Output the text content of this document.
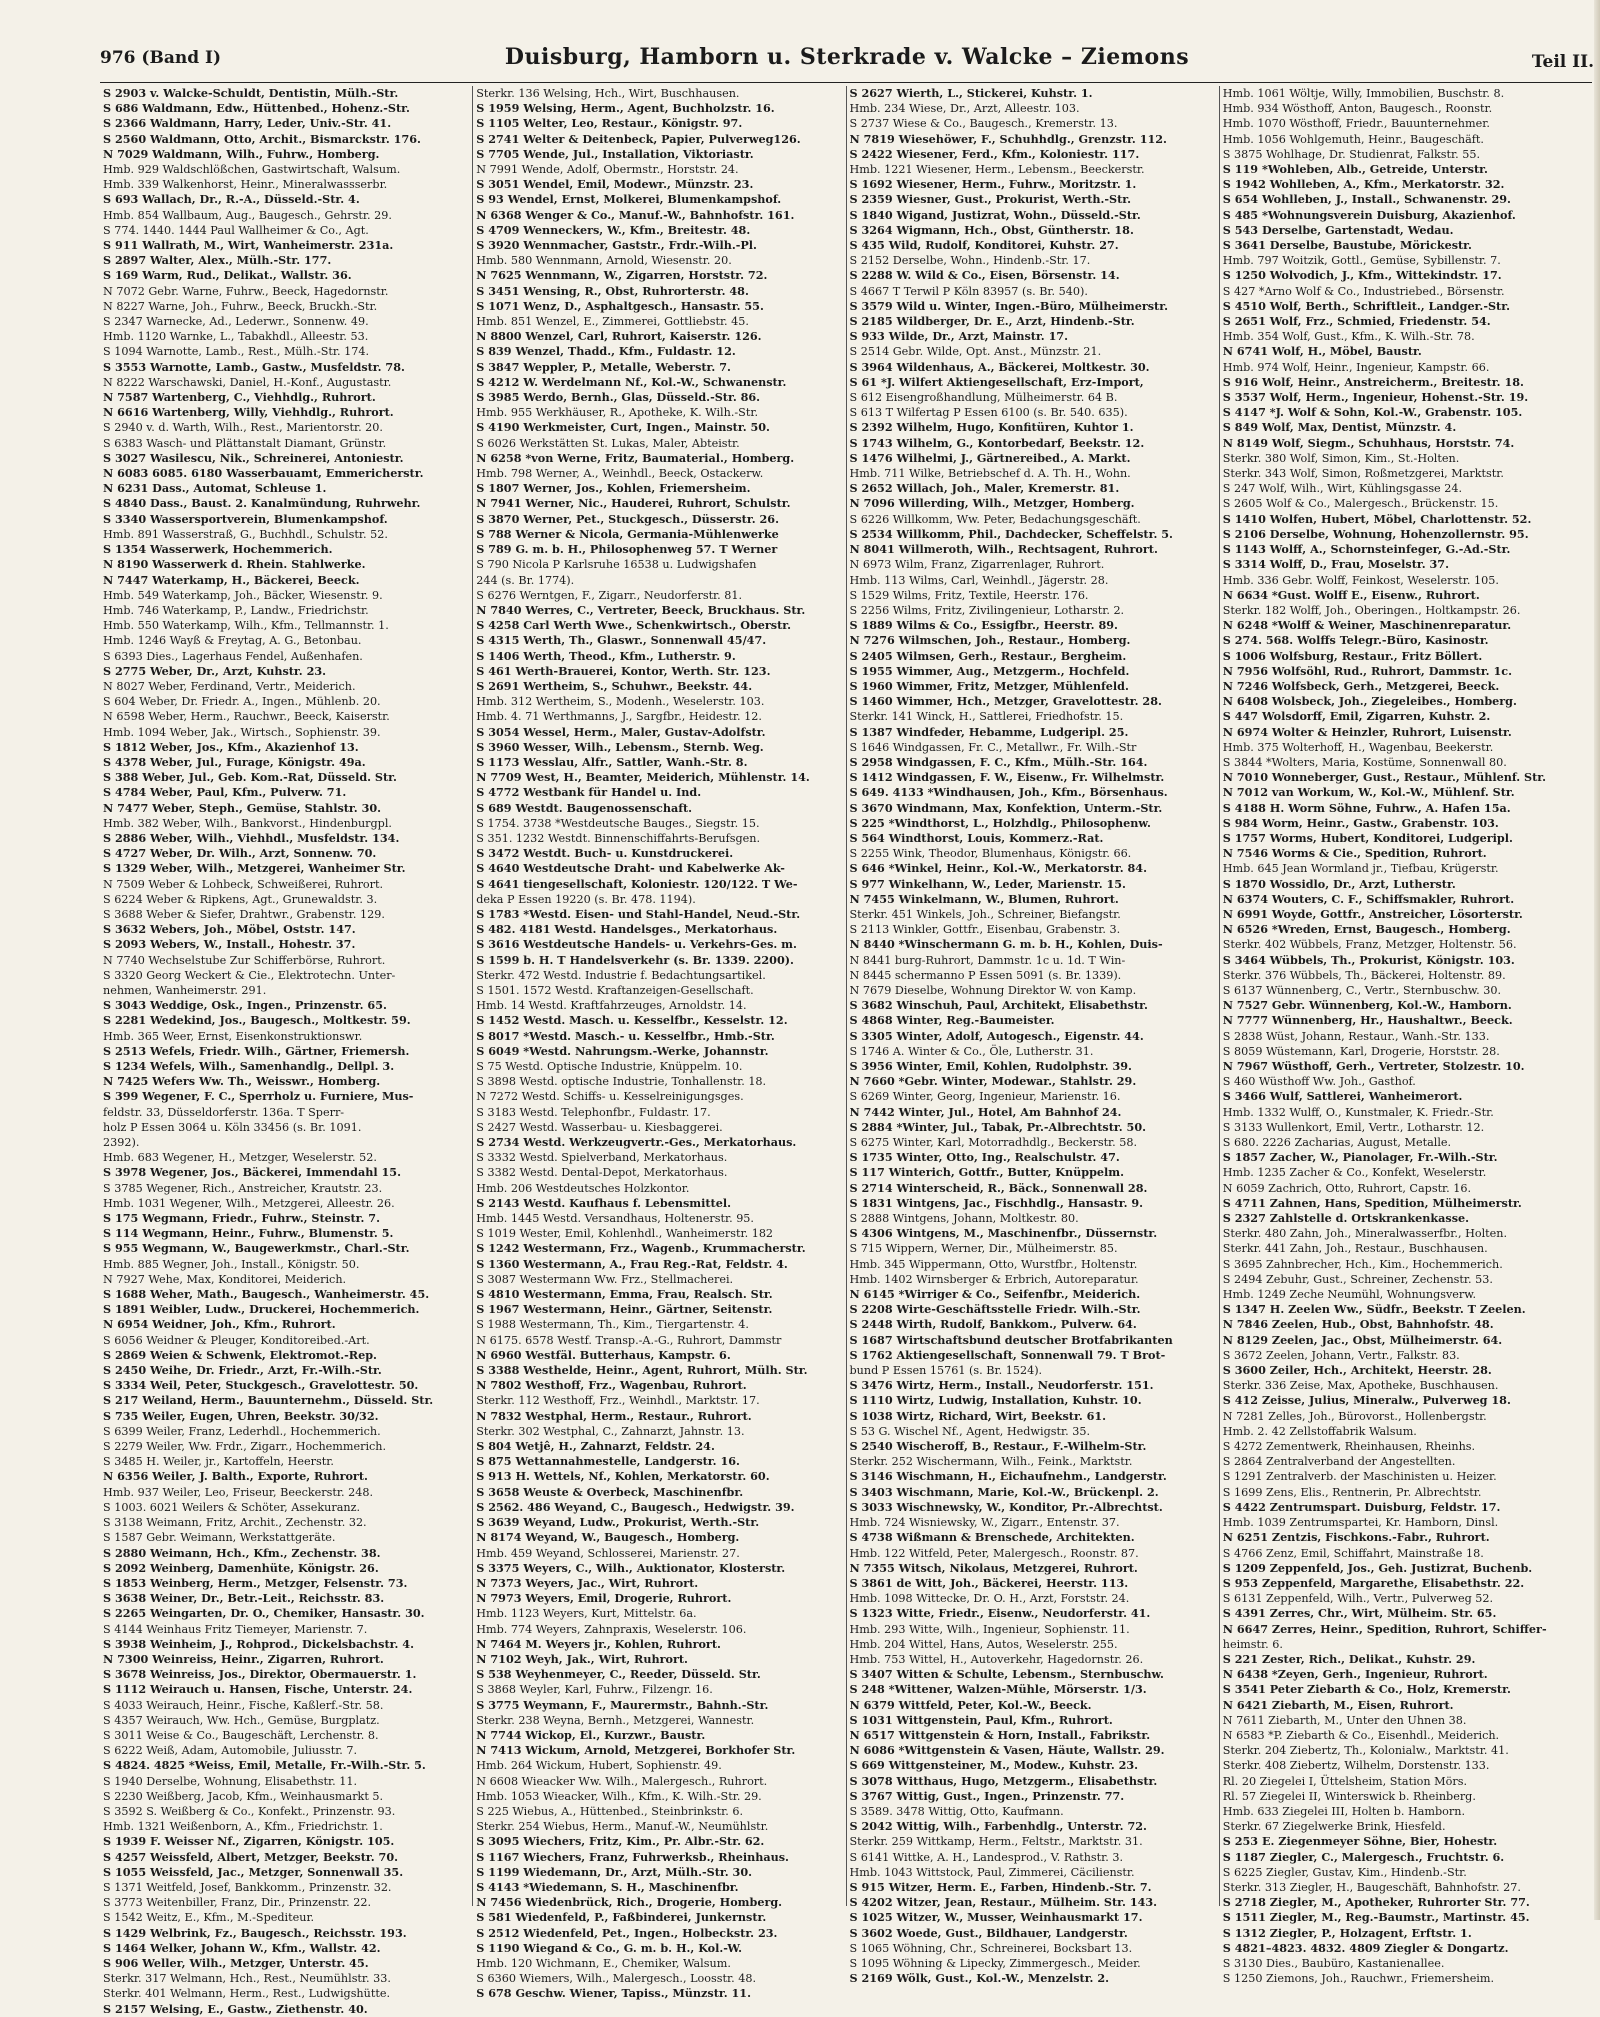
976 (Band I)	Duisburg, Hamborn u. Sterkrade v. Walcke – Ziemons	Teil II.
S 2903 v. Walcke-Schuldt, Dentistin, Mülh.-Str.
S 686 Waldmann, Edw., Hüttenbed., Hohenz.-Str.
S 2366 Waldmann, Harry, Leder, Univ.-Str. 41.
S 2560 Waldmann, Otto, Archit., Bismarckstr. 176.
N 7029 Waldmann, Wilh., Fuhrw., Homberg.
Hmb. 929 Waldschlößchen, Gastwirtschaft, Walsum.
Hmb. 339 Walkenhorst, Heinr., Mineralwassserbr.
S 693 Wallach, Dr., R.-A., Düsseld.-Str. 4.
Hmb. 854 Wallbaum, Aug., Baugesch., Gehrstr. 29.
S 774. 1440. 1444 Paul Wallheimer & Co., Agt.
S 911 Wallrath, M., Wirt, Wanheimerstr. 231a.
S 2897 Walter, Alex., Mülh.-Str. 177.
S 169 Warm, Rud., Delikat., Wallstr. 36.
N 7072 Gebr. Warne, Fuhrw., Beeck, Hagedornstr.
N 8227 Warne, Joh., Fuhrw., Beeck, Bruckh.-Str.
S 2347 Warnecke, Ad., Lederwr., Sonnenw. 49.
Hmb. 1120 Warnke, L., Tabakhdl., Alleestr. 53.
S 1094 Warnotte, Lamb., Rest., Mülh.-Str. 174.
S 3553 Warnotte, Lamb., Gastw., Musfeldstr. 78.
N 8222 Warschawski, Daniel, H.-Konf., Augustastr.
N 7587 Wartenberg, C., Viehhdlg., Ruhrort.
N 6616 Wartenberg, Willy, Viehhdlg., Ruhrort.
S 2940 v. d. Warth, Wilh., Rest., Marientorstr. 20.
S 6383 Wasch- und Plättanstalt Diamant, Grünstr.
S 3027 Wasilescu, Nik., Schreinerei, Antoniestr.
N 6083 6085. 6180 Wasserbauamt, Emmericherstr.
N 6231 Dass., Automat, Schleuse 1.
S 4840 Dass., Baust. 2. Kanalmündung, Ruhrwehr.
S 3340 Wassersportverein, Blumenkampshof.
Hmb. 891 Wasserstraß, G., Buchhdl., Schulstr. 52.
S 1354 Wasserwerk, Hochemmerich.
N 8190 Wasserwerk d. Rhein. Stahlwerke.
N 7447 Waterkamp, H., Bäckerei, Beeck.
Hmb. 549 Waterkamp, Joh., Bäcker, Wiesenstr. 9.
Hmb. 746 Waterkamp, P., Landw., Friedrichstr.
Hmb. 550 Waterkamp, Wilh., Kfm., Tellmannstr. 1.
Hmb. 1246 Wayß & Freytag, A. G., Betonbau.
S 6393 Dies., Lagerhaus Fendel, Außenhafen.
S 2775 Weber, Dr., Arzt, Kuhstr. 23.
N 8027 Weber, Ferdinand, Vertr., Meiderich.
S 604 Weber, Dr. Friedr. A., Ingen., Mühlenb. 20.
N 6598 Weber, Herm., Rauchwr., Beeck, Kaiserstr.
Hmb. 1094 Weber, Jak., Wirtsch., Sophienstr. 39.
S 1812 Weber, Jos., Kfm., Akazienhof 13.
S 4378 Weber, Jul., Furage, Königstr. 49a.
S 388 Weber, Jul., Geb. Kom.-Rat, Düsseld. Str.
S 4784 Weber, Paul, Kfm., Pulverw. 71.
N 7477 Weber, Steph., Gemüse, Stahlstr. 30.
Hmb. 382 Weber, Wilh., Bankvorst., Hindenburgpl.
S 2886 Weber, Wilh., Viehhdl., Musfeldstr. 134.
S 4727 Weber, Dr. Wilh., Arzt, Sonnenw. 70.
S 1329 Weber, Wilh., Metzgerei, Wanheimer Str.
N 7509 Weber & Lohbeck, Schweißerei, Ruhrort.
S 6224 Weber & Ripkens, Agt., Grunewaldstr. 3.
S 3688 Weber & Siefer, Drahtwr., Grabenstr. 129.
S 3632 Webers, Joh., Möbel, Oststr. 147.
S 2093 Webers, W., Install., Hohestr. 37.
N 7740 Wechselstube Zur Schifferbörse, Ruhrort.
S 3320 Georg Weckert & Cie., Elektrotechn. Unter-
nehmen, Wanheimerstr. 291.
S 3043 Weddige, Osk., Ingen., Prinzenstr. 65.
S 2281 Wedekind, Jos., Baugesch., Moltkestr. 59.
Hmb. 365 Weer, Ernst, Eisenkonstruktionswr.
S 2513 Wefels, Friedr. Wilh., Gärtner, Friemersh.
S 1234 Wefels, Wilh., Samenhandlg., Dellpl. 3.
N 7425 Wefers Ww. Th., Weisswr., Homberg.
S 399 Wegener, F. C., Sperrholz u. Furniere, Mus-
feldstr. 33, Düsseldorferstr. 136a. T Sperr-
holz P Essen 3064 u. Köln 33456 (s. Br. 1091.
2392).
Hmb. 683 Wegener, H., Metzger, Weselerstr. 52.
S 3978 Wegener, Jos., Bäckerei, Immendahl 15.
S 3785 Wegener, Rich., Anstreicher, Krautstr. 23.
Hmb. 1031 Wegener, Wilh., Metzgerei, Alleestr. 26.
S 175 Wegmann, Friedr., Fuhrw., Steinstr. 7.
S 114 Wegmann, Heinr., Fuhrw., Blumenstr. 5.
S 955 Wegmann, W., Baugewerkmstr., Charl.-Str.
Hmb. 885 Wegner, Joh., Install., Königstr. 50.
N 7927 Wehe, Max, Konditorei, Meiderich.
S 1688 Weher, Math., Baugesch., Wanheimerstr. 45.
S 1891 Weibler, Ludw., Druckerei, Hochemmerich.
N 6954 Weidner, Joh., Kfm., Ruhrort.
S 6056 Weidner & Pleuger, Konditoreibed.-Art.
S 2869 Weien & Schwenk, Elektromot.-Rep.
S 2450 Weihe, Dr. Friedr., Arzt, Fr.-Wilh.-Str.
S 3334 Weil, Peter, Stuckgesch., Gravelottestr. 50.
S 217 Weiland, Herm., Bauunternehm., Düsseld. Str.
S 735 Weiler, Eugen, Uhren, Beekstr. 30/32.
S 6399 Weiler, Franz, Lederhdl., Hochemmerich.
S 2279 Weiler, Ww. Frdr., Zigarr., Hochemmerich.
S 3485 H. Weiler, jr., Kartoffeln, Heerstr.
N 6356 Weiler, J. Balth., Exporte, Ruhrort.
Hmb. 937 Weiler, Leo, Friseur, Beeckerstr. 248.
S 1003. 6021 Weilers & Schöter, Assekuranz.
S 3138 Weimann, Fritz, Archit., Zechenstr. 32.
S 1587 Gebr. Weimann, Werkstattgeräte.
S 2880 Weimann, Hch., Kfm., Zechenstr. 38.
S 2092 Weinberg, Damenhüte, Königstr. 26.
S 1853 Weinberg, Herm., Metzger, Felsenstr. 73.
S 3638 Weiner, Dr., Betr.-Leit., Reichsstr. 83.
S 2265 Weingarten, Dr. O., Chemiker, Hansastr. 30.
S 4144 Weinhaus Fritz Tiemeyer, Marienstr. 7.
S 3938 Weinheim, J., Rohprod., Dickelsbachstr. 4.
N 7300 Weinreiss, Heinr., Zigarren, Ruhrort.
S 3678 Weinreiss, Jos., Direktor, Obermauerstr. 1.
S 1112 Weirauch u. Hansen, Fische, Unterstr. 24.
S 4033 Weirauch, Heinr., Fische, Kaßlerf.-Str. 58.
S 4357 Weirauch, Ww. Hch., Gemüse, Burgplatz.
S 3011 Weise & Co., Baugeschäft, Lerchenstr. 8.
S 6222 Weiß, Adam, Automobile, Juliusstr. 7.
S 4824. 4825 *Weiss, Emil, Metalle, Fr.-Wilh.-Str. 5.
S 1940 Derselbe, Wohnung, Elisabethstr. 11.
S 2230 Weißberg, Jacob, Kfm., Weinhausmarkt 5.
S 3592 S. Weißberg & Co., Konfekt., Prinzenstr. 93.
Hmb. 1321 Weißenborn, A., Kfm., Friedrichstr. 1.
S 1939 F. Weisser Nf., Zigarren, Königstr. 105.
S 4257 Weissfeld, Albert, Metzger, Beekstr. 70.
S 1055 Weissfeld, Jac., Metzger, Sonnenwall 35.
S 1371 Weitfeld, Josef, Bankkomm., Prinzenstr. 32.
S 3773 Weitenbiller, Franz, Dir., Prinzenstr. 22.
S 1542 Weitz, E., Kfm., M.-Spediteur.
S 1429 Welbrink, Fz., Baugesch., Reichsstr. 193.
S 1464 Welker, Johann W., Kfm., Wallstr. 42.
S 906 Weller, Wilh., Metzger, Unterstr. 45.
Sterkr. 317 Welmann, Hch., Rest., Neumühlstr. 33.
Sterkr. 401 Welmann, Herm., Rest., Ludwigshütte.
S 2157 Welsing, E., Gastw., Ziethenstr. 40.
Sterkr. 136 Welsing, Hch., Wirt, Buschhausen.
S 1959 Welsing, Herm., Agent, Buchholzstr. 16.
S 1105 Welter, Leo, Restaur., Königstr. 97.
S 2741 Welter & Deitenbeck, Papier, Pulverweg126.
S 7705 Wende, Jul., Installation, Viktoriastr.
N 7991 Wende, Adolf, Obermstr., Horststr. 24.
S 3051 Wendel, Emil, Modewr., Münzstr. 23.
S 93 Wendel, Ernst, Molkerei, Blumenkampshof.
N 6368 Wenger & Co., Manuf.-W., Bahnhofstr. 161.
S 4709 Wenneckers, W., Kfm., Breitestr. 48.
S 3920 Wennmacher, Gaststr., Frdr.-Wilh.-Pl.
Hmb. 580 Wennmann, Arnold, Wiesenstr. 20.
N 7625 Wennmann, W., Zigarren, Horststr. 72.
S 3451 Wensing, R., Obst, Ruhrorterstr. 48.
S 1071 Wenz, D., Asphaltgesch., Hansastr. 55.
Hmb. 851 Wenzel, E., Zimmerei, Gottliebstr. 45.
N 8800 Wenzel, Carl, Ruhrort, Kaiserstr. 126.
S 839 Wenzel, Thadd., Kfm., Fuldastr. 12.
S 3847 Weppler, P., Metalle, Weberstr. 7.
S 4212 W. Werdelmann Nf., Kol.-W., Schwanenstr.
S 3985 Werdo, Bernh., Glas, Düsseld.-Str. 86.
Hmb. 955 Werkhäuser, R., Apotheke, K. Wilh.-Str.
S 4190 Werkmeister, Curt, Ingen., Mainstr. 50.
S 6026 Werkstätten St. Lukas, Maler, Abteistr.
N 6258 *von Werne, Fritz, Baumaterial., Homberg.
Hmb. 798 Werner, A., Weinhdl., Beeck, Ostackerw.
S 1807 Werner, Jos., Kohlen, Friemersheim.
N 7941 Werner, Nic., Hauderei, Ruhrort, Schulstr.
S 3870 Werner, Pet., Stuckgesch., Düsserstr. 26.
S 788 Werner & Nicola, Germania-Mühlenwerke
S 789 G. m. b. H., Philosophenweg 57. T Werner
S 790 Nicola P Karlsruhe 16538 u. Ludwigshafen
244 (s. Br. 1774).
S 6276 Werntgen, F., Zigarr., Neudorferstr. 81.
N 7840 Werres, C., Vertreter, Beeck, Bruckhaus. Str.
S 4258 Carl Werth Wwe., Schenkwirtsch., Oberstr.
S 4315 Werth, Th., Glaswr., Sonnenwall 45/47.
S 1406 Werth, Theod., Kfm., Lutherstr. 9.
S 461 Werth-Brauerei, Kontor, Werth. Str. 123.
S 2691 Wertheim, S., Schuhwr., Beekstr. 44.
Hmb. 312 Wertheim, S., Modenh., Weselerstr. 103.
Hmb. 4. 71 Werthmanns, J., Sargfbr., Heidestr. 12.
S 3054 Wessel, Herm., Maler, Gustav-Adolfstr.
S 3960 Wesser, Wilh., Lebensm., Sternb. Weg.
S 1173 Wesslau, Alfr., Sattler, Wanh.-Str. 8.
N 7709 West, H., Beamter, Meiderich, Mühlenstr. 14.
S 4772 Westbank für Handel u. Ind.
S 689 Westdt. Baugenossenschaft.
S 1754. 3738 *Westdeutsche Bauges., Siegstr. 15.
S 351. 1232 Westdt. Binnenschiffahrts-Berufsgen.
S 3472 Westdt. Buch- u. Kunstdruckerei.
S 4640 Westdeutsche Draht- und Kabelwerke Ak-
S 4641 tiengesellschaft, Koloniestr. 120/122. T We-
deka P Essen 19220 (s. Br. 478. 1194).
S 1783 *Westd. Eisen- und Stahl-Handel, Neud.-Str.
S 482. 4181 Westd. Handelsges., Merkatorhaus.
S 3616 Westdeutsche Handels- u. Verkehrs-Ges. m.
S 1599 b. H. T Handelsverkehr (s. Br. 1339. 2200).
Sterkr. 472 Westd. Industrie f. Bedachtungsartikel.
S 1501. 1572 Westd. Kraftanzeigen-Gesellschaft.
Hmb. 14 Westd. Kraftfahrzeuges, Arnoldstr. 14.
S 1452 Westd. Masch. u. Kesselfbr., Kesselstr. 12.
S 8017 *Westd. Masch.- u. Kesselfbr., Hmb.-Str.
S 6049 *Westd. Nahrungsm.-Werke, Johannstr.
S 75 Westd. Optische Industrie, Knüppelm. 10.
S 3898 Westd. optische Industrie, Tonhallenstr. 18.
N 7272 Westd. Schiffs- u. Kesselreinigungsges.
S 3183 Westd. Telephonfbr., Fuldastr. 17.
S 2427 Westd. Wasserbau- u. Kiesbaggerei.
S 2734 Westd. Werkzeugvertr.-Ges., Merkatorhaus.
S 3332 Westd. Spielverband, Merkatorhaus.
S 3382 Westd. Dental-Depot, Merkatorhaus.
Hmb. 206 Westdeutsches Holzkontor.
S 2143 Westd. Kaufhaus f. Lebensmittel.
Hmb. 1445 Westd. Versandhaus, Holtenerstr. 95.
S 1019 Wester, Emil, Kohlenhdl., Wanheimerstr. 182
S 1242 Westermann, Frz., Wagenb., Krummacherstr.
S 1360 Westermann, A., Frau Reg.-Rat, Feldstr. 4.
S 3087 Westermann Ww. Frz., Stellmacherei.
S 4810 Westermann, Emma, Frau, Realsch. Str.
S 1967 Westermann, Heinr., Gärtner, Seitenstr.
S 1988 Westermann, Th., Kim., Tiergartenstr. 4.
N 6175. 6578 Westf. Transp.-A.-G., Ruhrort, Dammstr
N 6960 Westfäl. Butterhaus, Kampstr. 6.
S 3388 Westhelde, Heinr., Agent, Ruhrort, Mülh. Str.
N 7802 Westhoff, Frz., Wagenbau, Ruhrort.
Sterkr. 112 Westhoff, Frz., Weinhdl., Marktstr. 17.
N 7832 Westphal, Herm., Restaur., Ruhrort.
Sterkr. 302 Westphal, C., Zahnarzt, Jahnstr. 13.
S 804 Wetjê, H., Zahnarzt, Feldstr. 24.
S 875 Wettannahmestelle, Landgerstr. 16.
S 913 H. Wettels, Nf., Kohlen, Merkatorstr. 60.
S 3658 Weuste & Overbeck, Maschinenfbr.
S 2562. 486 Weyand, C., Baugesch., Hedwigstr. 39.
S 3639 Weyand, Ludw., Prokurist, Werth.-Str.
N 8174 Weyand, W., Baugesch., Homberg.
Hmb. 459 Weyand, Schlosserei, Marienstr. 27.
S 3375 Weyers, C., Wilh., Auktionator, Klosterstr.
N 7373 Weyers, Jac., Wirt, Ruhrort.
N 7973 Weyers, Emil, Drogerie, Ruhrort.
Hmb. 1123 Weyers, Kurt, Mittelstr. 6a.
Hmb. 774 Weyers, Zahnpraxis, Weselerstr. 106.
N 7464 M. Weyers jr., Kohlen, Ruhrort.
N 7102 Weyh, Jak., Wirt, Ruhrort.
S 538 Weyhenmeyer, C., Reeder, Düsseld. Str.
S 3868 Weyler, Karl, Fuhrw., Filzengr. 16.
S 3775 Weymann, F., Maurermstr., Bahnh.-Str.
Sterkr. 238 Weyna, Bernh., Metzgerei, Wannestr.
N 7744 Wickop, El., Kurzwr., Baustr.
N 7413 Wickum, Arnold, Metzgerei, Borkhofer Str.
Hmb. 264 Wickum, Hubert, Sophienstr. 49.
N 6608 Wieacker Ww. Wilh., Malergesch., Ruhrort.
Hmb. 1053 Wieacker, Wilh., Kfm., K. Wilh.-Str. 29.
S 225 Wiebus, A., Hüttenbed., Steinbrinkstr. 6.
Sterkr. 254 Wiebus, Herm., Manuf.-W., Neumühlstr.
S 3095 Wiechers, Fritz, Kim., Pr. Albr.-Str. 62.
S 1167 Wiechers, Franz, Fuhrwerksb., Rheinhaus.
S 1199 Wiedemann, Dr., Arzt, Mülh.-Str. 30.
S 4143 *Wiedemann, S. H., Maschinenfbr.
N 7456 Wiedenbrück, Rich., Drogerie, Homberg.
S 581 Wiedenfeld, P., Faßbinderei, Junkernstr.
S 2512 Wiedenfeld, Pet., Ingen., Holbeckstr. 23.
S 1190 Wiegand & Co., G. m. b. H., Kol.-W.
Hmb. 120 Wichmann, E., Chemiker, Walsum.
S 6360 Wiemers, Wilh., Malergesch., Loosstr. 48.
S 678 Geschw. Wiener, Tapiss., Münzstr. 11.
S 2627 Wierth, L., Stickerei, Kuhstr. 1.
Hmb. 234 Wiese, Dr., Arzt, Alleestr. 103.
S 2737 Wiese & Co., Baugesch., Kremerstr. 13.
N 7819 Wiesehöwer, F., Schuhhdlg., Grenzstr. 112.
S 2422 Wiesener, Ferd., Kfm., Koloniestr. 117.
Hmb. 1221 Wiesener, Herm., Lebensm., Beeckerstr.
S 1692 Wiesener, Herm., Fuhrw., Moritzstr. 1.
S 2359 Wiesner, Gust., Prokurist, Werth.-Str.
S 1840 Wigand, Justizrat, Wohn., Düsseld.-Str.
S 3264 Wigmann, Hch., Obst, Güntherstr. 18.
S 435 Wild, Rudolf, Konditorei, Kuhstr. 27.
S 2152 Derselbe, Wohn., Hindenb.-Str. 17.
S 2288 W. Wild & Co., Eisen, Börsenstr. 14.
S 4667 T Terwil P Köln 83957 (s. Br. 540).
S 3579 Wild u. Winter, Ingen.-Büro, Mülheimerstr.
S 2185 Wildberger, Dr. E., Arzt, Hindenb.-Str.
S 933 Wilde, Dr., Arzt, Mainstr. 17.
S 2514 Gebr. Wilde, Opt. Anst., Münzstr. 21.
S 3964 Wildenhaus, A., Bäckerei, Moltkestr. 30.
S 61 *J. Wilfert Aktiengesellschaft, Erz-Import,
S 612 Eisengroßhandlung, Mülheimerstr. 64 B.
S 613 T Wilfertag P Essen 6100 (s. Br. 540. 635).
S 2392 Wilhelm, Hugo, Konfitüren, Kuhtor 1.
S 1743 Wilhelm, G., Kontorbedarf, Beekstr. 12.
S 1476 Wilhelmi, J., Gärtnereibed., A. Markt.
Hmb. 711 Wilke, Betriebschef d. A. Th. H., Wohn.
S 2652 Willach, Joh., Maler, Kremerstr. 81.
N 7096 Willerding, Wilh., Metzger, Homberg.
S 6226 Willkomm, Ww. Peter, Bedachungsgeschäft.
S 2534 Willkomm, Phil., Dachdecker, Scheffelstr. 5.
N 8041 Willmeroth, Wilh., Rechtsagent, Ruhrort.
N 6973 Wilm, Franz, Zigarrenlager, Ruhrort.
Hmb. 113 Wilms, Carl, Weinhdl., Jägerstr. 28.
S 1529 Wilms, Fritz, Textile, Heerstr. 176.
S 2256 Wilms, Fritz, Zivilingenieur, Lotharstr. 2.
S 1889 Wilms & Co., Essigfbr., Heerstr. 89.
N 7276 Wilmschen, Joh., Restaur., Homberg.
S 2405 Wilmsen, Gerh., Restaur., Bergheim.
S 1955 Wimmer, Aug., Metzgerm., Hochfeld.
S 1960 Wimmer, Fritz, Metzger, Mühlenfeld.
S 1460 Wimmer, Hch., Metzger, Gravelottestr. 28.
Sterkr. 141 Winck, H., Sattlerei, Friedhofstr. 15.
S 1387 Windfeder, Hebamme, Ludgeripl. 25.
S 1646 Windgassen, Fr. C., Metallwr., Fr. Wilh.-Str
S 2958 Windgassen, F. C., Kfm., Mülh.-Str. 164.
S 1412 Windgassen, F. W., Eisenw., Fr. Wilhelmstr.
S 649. 4133 *Windhausen, Joh., Kfm., Börsenhaus.
S 3670 Windmann, Max, Konfektion, Unterm.-Str.
S 225 *Windthorst, L., Holzhdlg., Philosophenw.
S 564 Windthorst, Louis, Kommerz.-Rat.
S 2255 Wink, Theodor, Blumenhaus, Königstr. 66.
S 646 *Winkel, Heinr., Kol.-W., Merkatorstr. 84.
S 977 Winkelhann, W., Leder, Marienstr. 15.
N 7455 Winkelmann, W., Blumen, Ruhrort.
Sterkr. 451 Winkels, Joh., Schreiner, Biefangstr.
S 2113 Winkler, Gottfr., Eisenbau, Grabenstr. 3.
N 8440 *Winschermann G. m. b. H., Kohlen, Duis-
N 8441 burg-Ruhrort, Dammstr. 1c u. 1d. T Win-
N 8445 schermanno P Essen 5091 (s. Br. 1339).
N 7679 Dieselbe, Wohnung Direktor W. von Kamp.
S 3682 Winschuh, Paul, Architekt, Elisabethstr.
S 4868 Winter, Reg.-Baumeister.
S 3305 Winter, Adolf, Autogesch., Eigenstr. 44.
S 1746 A. Winter & Co., Öle, Lutherstr. 31.
S 3956 Winter, Emil, Kohlen, Rudolphstr. 39.
N 7660 *Gebr. Winter, Modewar., Stahlstr. 29.
S 6269 Winter, Georg, Ingenieur, Marienstr. 16.
N 7442 Winter, Jul., Hotel, Am Bahnhof 24.
S 2884 *Winter, Jul., Tabak, Pr.-Albrechtstr. 50.
S 6275 Winter, Karl, Motorradhdlg., Beckerstr. 58.
S 1735 Winter, Otto, Ing., Realschulstr. 47.
S 117 Winterich, Gottfr., Butter, Knüppelm.
S 2714 Winterscheid, R., Bäck., Sonnenwall 28.
S 1831 Wintgens, Jac., Fischhdlg., Hansastr. 9.
S 2888 Wintgens, Johann, Moltkestr. 80.
S 4306 Wintgens, M., Maschinenfbr., Düssernstr.
S 715 Wippern, Werner, Dir., Mülheimerstr. 85.
Hmb. 345 Wippermann, Otto, Wurstfbr., Holtenstr.
Hmb. 1402 Wirnsberger & Erbrich, Autoreparatur.
N 6145 *Wirriger & Co., Seifenfbr., Meiderich.
S 2208 Wirte-Geschäftsstelle Friedr. Wilh.-Str.
S 2448 Wirth, Rudolf, Bankkom., Pulverw. 64.
S 1687 Wirtschaftsbund deutscher Brotfabrikanten
S 1762 Aktiengesellschaft, Sonnenwall 79. T Brot-
bund P Essen 15761 (s. Br. 1524).
S 3476 Wirtz, Herm., Install., Neudorferstr. 151.
S 1110 Wirtz, Ludwig, Installation, Kuhstr. 10.
S 1038 Wirtz, Richard, Wirt, Beekstr. 61.
S 53 G. Wischel Nf., Agent, Hedwigstr. 35.
S 2540 Wischeroff, B., Restaur., F.-Wilhelm-Str.
Sterkr. 252 Wischermann, Wilh., Feink., Marktstr.
S 3146 Wischmann, H., Eichaufnehm., Landgerstr.
S 3403 Wischmann, Marie, Kol.-W., Brückenpl. 2.
S 3033 Wischnewsky, W., Konditor, Pr.-Albrechtst.
Hmb. 724 Wisniewsky, W., Zigarr., Entenstr. 37.
S 4738 Wißmann & Brenschede, Architekten.
Hmb. 122 Witfeld, Peter, Malergesch., Roonstr. 87.
N 7355 Witsch, Nikolaus, Metzgerei, Ruhrort.
S 3861 de Witt, Joh., Bäckerei, Heerstr. 113.
Hmb. 1098 Wittecke, Dr. O. H., Arzt, Forststr. 24.
S 1323 Witte, Friedr., Eisenw., Neudorferstr. 41.
Hmb. 293 Witte, Wilh., Ingenieur, Sophienstr. 11.
Hmb. 204 Wittel, Hans, Autos, Weselerstr. 255.
Hmb. 753 Wittel, H., Autoverkehr, Hagedornstr. 26.
S 3407 Witten & Schulte, Lebensm., Sternbuschw.
S 248 *Wittener, Walzen-Mühle, Mörserstr. 1/3.
N 6379 Wittfeld, Peter, Kol.-W., Beeck.
S 1031 Wittgenstein, Paul, Kfm., Ruhrort.
N 6517 Wittgenstein & Horn, Install., Fabrikstr.
N 6086 *Wittgenstein & Vasen, Häute, Wallstr. 29.
S 669 Wittgensteiner, M., Modew., Kuhstr. 23.
S 3078 Witthaus, Hugo, Metzgerm., Elisabethstr.
S 3767 Wittig, Gust., Ingen., Prinzenstr. 77.
S 3589. 3478 Wittig, Otto, Kaufmann.
S 2042 Wittig, Wilh., Farbenhdlg., Unterstr. 72.
Sterkr. 259 Wittkamp, Herm., Feltstr., Marktstr. 31.
S 6141 Wittke, A. H., Landesprod., V. Rathstr. 3.
Hmb. 1043 Wittstock, Paul, Zimmerei, Cäcilienstr.
S 915 Witzer, Herm. E., Farben, Hindenb.-Str. 7.
S 4202 Witzer, Jean, Restaur., Mülheim. Str. 143.
S 1025 Witzer, W., Musser, Weinhausmarkt 17.
S 3602 Woede, Gust., Bildhauer, Landgerstr.
S 1065 Wöhning, Chr., Schreinerei, Bocksbart 13.
S 1095 Wöhning & Lipecky, Zimmergesch., Meider.
S 2169 Wölk, Gust., Kol.-W., Menzelstr. 2.
Hmb. 1061 Wöltje, Willy, Immobilien, Buschstr. 8.
Hmb. 934 Wösthoff, Anton, Baugesch., Roonstr.
Hmb. 1070 Wösthoff, Friedr., Bauunternehmer.
Hmb. 1056 Wohlgemuth, Heinr., Baugeschäft.
S 3875 Wohlhage, Dr. Studienrat, Falkstr. 55.
S 119 *Wohleben, Alb., Getreide, Unterstr.
S 1942 Wohlleben, A., Kfm., Merkatorstr. 32.
S 654 Wohlleben, J., Install., Schwanenstr. 29.
S 485 *Wohnungsverein Duisburg, Akazienhof.
S 543 Derselbe, Gartenstadt, Wedau.
S 3641 Derselbe, Baustube, Mörickestr.
Hmb. 797 Woitzik, Gottl., Gemüse, Sybillenstr. 7.
S 1250 Wolvodich, J., Kfm., Wittekindstr. 17.
S 427 *Arno Wolf & Co., Industriebed., Börsenstr.
S 4510 Wolf, Berth., Schriftleit., Landger.-Str.
S 2651 Wolf, Frz., Schmied, Friedenstr. 54.
Hmb. 354 Wolf, Gust., Kfm., K. Wilh.-Str. 78.
N 6741 Wolf, H., Möbel, Baustr.
Hmb. 974 Wolf, Heinr., Ingenieur, Kampstr. 66.
S 916 Wolf, Heinr., Anstreicherm., Breitestr. 18.
S 3537 Wolf, Herm., Ingenieur, Hohenst.-Str. 19.
S 4147 *J. Wolf & Sohn, Kol.-W., Grabenstr. 105.
S 849 Wolf, Max, Dentist, Münzstr. 4.
N 8149 Wolf, Siegm., Schuhhaus, Horststr. 74.
Sterkr. 380 Wolf, Simon, Kim., St.-Holten.
Sterkr. 343 Wolf, Simon, Roßmetzgerei, Marktstr.
S 247 Wolf, Wilh., Wirt, Kühlingsgasse 24.
S 2605 Wolf & Co., Malergesch., Brückenstr. 15.
S 1410 Wolfen, Hubert, Möbel, Charlottenstr. 52.
S 2106 Derselbe, Wohnung, Hohenzollernstr. 95.
S 1143 Wolff, A., Schornsteinfeger, G.-Ad.-Str.
S 3314 Wolff, D., Frau, Moselstr. 37.
Hmb. 336 Gebr. Wolff, Feinkost, Weselerstr. 105.
N 6634 *Gust. Wolff E., Eisenw., Ruhrort.
Sterkr. 182 Wolff, Joh., Oberingen., Holtkampstr. 26.
N 6248 *Wolff & Weiner, Maschinenreparatur.
S 274. 568. Wolffs Telegr.-Büro, Kasinostr.
S 1006 Wolfsburg, Restaur., Fritz Böllert.
N 7956 Wolfsöhl, Rud., Ruhrort, Dammstr. 1c.
N 7246 Wolfsbeck, Gerh., Metzgerei, Beeck.
N 6408 Wolsbeck, Joh., Ziegeleibes., Homberg.
S 447 Wolsdorff, Emil, Zigarren, Kuhstr. 2.
N 6974 Wolter & Heinzler, Ruhrort, Luisenstr.
Hmb. 375 Wolterhoff, H., Wagenbau, Beekerstr.
S 3844 *Wolters, Maria, Kostüme, Sonnenwall 80.
N 7010 Wonneberger, Gust., Restaur., Mühlenf. Str.
N 7012 van Workum, W., Kol.-W., Mühlenf. Str.
S 4188 H. Worm Söhne, Fuhrw., A. Hafen 15a.
S 984 Worm, Heinr., Gastw., Grabenstr. 103.
S 1757 Worms, Hubert, Konditorei, Ludgeripl.
N 7546 Worms & Cie., Spedition, Ruhrort.
Hmb. 645 Jean Wormland jr., Tiefbau, Krügerstr.
S 1870 Wossidlo, Dr., Arzt, Lutherstr.
N 6374 Wouters, C. F., Schiffsmakler, Ruhrort.
N 6991 Woyde, Gottfr., Anstreicher, Lösorterstr.
N 6526 *Wreden, Ernst, Baugesch., Homberg.
Sterkr. 402 Wübbels, Franz, Metzger, Holtenstr. 56.
S 3464 Wübbels, Th., Prokurist, Königstr. 103.
Sterkr. 376 Wübbels, Th., Bäckerei, Holtenstr. 89.
S 6137 Wünnenberg, C., Vertr., Sternbuschw. 30.
N 7527 Gebr. Wünnenberg, Kol.-W., Hamborn.
N 7777 Wünnenberg, Hr., Haushaltwr., Beeck.
S 2838 Wüst, Johann, Restaur., Wanh.-Str. 133.
S 8059 Wüstemann, Karl, Drogerie, Horststr. 28.
N 7967 Wüsthoff, Gerh., Vertreter, Stolzestr. 10.
S 460 Wüsthoff Ww. Joh., Gasthof.
S 3466 Wulf, Sattlerei, Wanheimerort.
Hmb. 1332 Wulff, O., Kunstmaler, K. Friedr.-Str.
S 3133 Wullenkort, Emil, Vertr., Lotharstr. 12.
S 680. 2226 Zacharias, August, Metalle.
S 1857 Zacher, W., Pianolager, Fr.-Wilh.-Str.
Hmb. 1235 Zacher & Co., Konfekt, Weselerstr.
N 6059 Zachrich, Otto, Ruhrort, Capstr. 16.
S 4711 Zahnen, Hans, Spedition, Mülheimerstr.
S 2327 Zahlstelle d. Ortskrankenkasse.
Sterkr. 480 Zahn, Joh., Mineralwasserfbr., Holten.
Sterkr. 441 Zahn, Joh., Restaur., Buschhausen.
S 3695 Zahnbrecher, Hch., Kim., Hochemmerich.
S 2494 Zebuhr, Gust., Schreiner, Zechenstr. 53.
Hmb. 1249 Zeche Neumühl, Wohnungsverw.
S 1347 H. Zeelen Ww., Südfr., Beekstr. T Zeelen.
N 7846 Zeelen, Hub., Obst, Bahnhofstr. 48.
N 8129 Zeelen, Jac., Obst, Mülheimerstr. 64.
S 3672 Zeelen, Johann, Vertr., Falkstr. 83.
S 3600 Zeiler, Hch., Architekt, Heerstr. 28.
Sterkr. 336 Zeise, Max, Apotheke, Buschhausen.
S 412 Zeisse, Julius, Mineralw., Pulverweg 18.
N 7281 Zelles, Joh., Bürovorst., Hollenbergstr.
Hmb. 2. 42 Zellstoffabrik Walsum.
S 4272 Zementwerk, Rheinhausen, Rheinhs.
S 2864 Zentralverband der Angestellten.
S 1291 Zentralverb. der Maschinisten u. Heizer.
S 1699 Zens, Elis., Rentnerin, Pr. Albrechtstr.
S 4422 Zentrumspart. Duisburg, Feldstr. 17.
Hmb. 1039 Zentrumspartei, Kr. Hamborn, Dinsl.
N 6251 Zentzis, Fischkons.-Fabr., Ruhrort.
S 4766 Zenz, Emil, Schiffahrt, Mainstraße 18.
S 1209 Zeppenfeld, Jos., Geh. Justizrat, Buchenb.
S 953 Zeppenfeld, Margarethe, Elisabethstr. 22.
S 6131 Zeppenfeld, Wilh., Vertr., Pulverweg 52.
S 4391 Zerres, Chr., Wirt, Mülheim. Str. 65.
N 6647 Zerres, Heinr., Spedition, Ruhrort, Schiffer-
heimstr. 6.
S 221 Zester, Rich., Delikat., Kuhstr. 29.
N 6438 *Zeyen, Gerh., Ingenieur, Ruhrort.
S 3541 Peter Ziebarth & Co., Holz, Kremerstr.
N 6421 Ziebarth, M., Eisen, Ruhrort.
N 7611 Ziebarth, M., Unter den Uhnen 38.
N 6583 *P. Ziebarth & Co., Eisenhdl., Meiderich.
Sterkr. 204 Ziebertz, Th., Kolonialw., Marktstr. 41.
Sterkr. 408 Ziebertz, Wilhelm, Dorstenstr. 133.
Rl. 20 Ziegelei I, Üttelsheim, Station Mörs.
Rl. 57 Ziegelei II, Winterswick b. Rheinberg.
Hmb. 633 Ziegelei III, Holten b. Hamborn.
Sterkr. 67 Ziegelwerke Brink, Hiesfeld.
S 253 E. Ziegenmeyer Söhne, Bier, Hohestr.
S 1187 Ziegler, C., Malergesch., Fruchtstr. 6.
S 6225 Ziegler, Gustav, Kim., Hindenb.-Str.
Sterkr. 313 Ziegler, H., Baugeschäft, Bahnhofstr. 27.
S 2718 Ziegler, M., Apotheker, Ruhrorter Str. 77.
S 1511 Ziegler, M., Reg.-Baumstr., Martinstr. 45.
S 1312 Ziegler, P., Holzagent, Erftstr. 1.
S 4821–4823. 4832. 4809 Ziegler & Dongartz.
S 3130 Dies., Baubüro, Kastanienallee.
S 1250 Ziemons, Joh., Rauchwr., Friemersheim.
